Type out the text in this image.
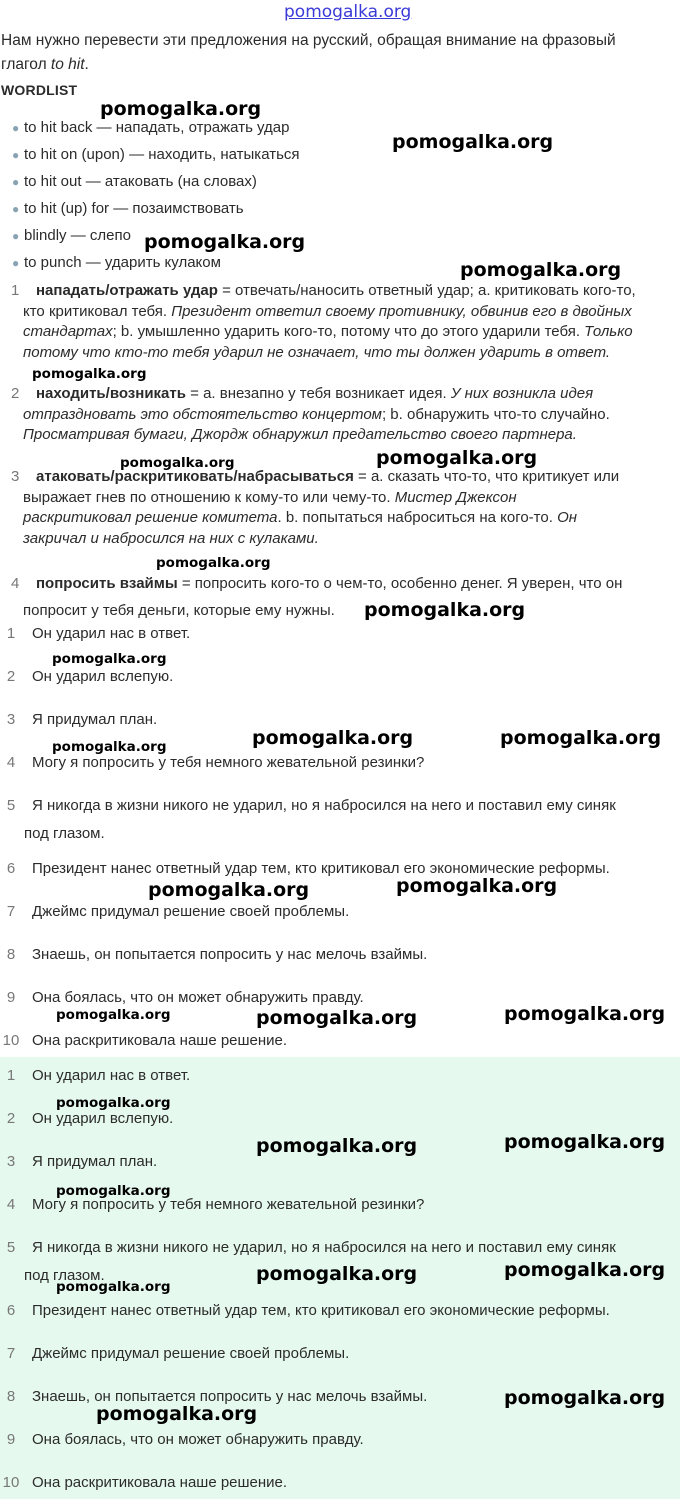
pomogalka.org
Нам нужно перевести эти предложения на русский, обращая внимание на фразовый
глагол to hit.
WORDLIST
● to hit back — нападать, отражать удар
● to hit on (upon) — находить, натыкаться
● to hit out — атаковать (на словах)
● to hit (up) for — позаимствовать
● blindly — слепо
● to punch — ударить кулаком
1 нападать/отражать удар = отвечать/наносить ответный удар; a. критиковать кого-то,
кто критиковал тебя. Президент ответил своему противнику, обвинив его в двойных
стандартах; b. умышленно ударить кого-то, потому что до этого ударили тебя. Только
потому что кто-то тебя ударил не означает, что ты должен ударить в ответ.
2 находить/возникать = a. внезапно у тебя возникает идея. У них возникла идея
отпраздновать это обстоятельство концертом; b. обнаружить что-то случайно.
Просматривая бумаги, Джордж обнаружил предательство своего партнера.
3 атаковать/раскритиковать/набрасываться = a. сказать что-то, что критикует или
выражает гнев по отношению к кому-то или чему-то. Мистер Джексон
раскритиковал решение комитета. b. попытаться наброситься на кого-то. Он
закричал и набросился на них с кулаками.
4 попросить взаймы = попросить кого-то о чем-то, особенно денег. Я уверен, что он
попросит у тебя деньги, которые ему нужны.
1	Он ударил нас в ответ.
2	Он ударил вслепую.
3	Я придумал план.
4	Могу я попросить у тебя немного жевательной резинки?
5	Я никогда в жизни никого не ударил, но я набросился на него и поставил ему синяк
под глазом.
6	Президент нанес ответный удар тем, кто критиковал его экономические реформы.
7	Джеймс придумал решение своей проблемы.
8	Знаешь, он попытается попросить у нас мелочь взаймы.
9	Она боялась, что он может обнаружить правду.
10 Она раскритиковала наше решение.
1	Он ударил нас в ответ.
2	Он ударил вслепую.
3	Я придумал план.
4	Могу я попросить у тебя немного жевательной резинки?
5	Я никогда в жизни никого не ударил, но я набросился на него и поставил ему синяк
под глазом.
6	Президент нанес ответный удар тем, кто критиковал его экономические реформы.
7	Джеймс придумал решение своей проблемы.
8	Знаешь, он попытается попросить у нас мелочь взаймы.
9	Она боялась, что он может обнаружить правду.
10 Она раскритиковала наше решение.
pomogalka.org
pomogalka.org
pomogalka.org
pomogalka.org
pomogalka.org
pomogalka.org	pomogalka.org
pomogalka.org
pomogalka.org
pomogalka.org
pomogalka.org	pomogalka.org	pomogalka.org
pomogalka.org	pomogalka.org
pomogalka.org	pomogalka.org	pomogalka.org
pomogalka.org
pomogalka.org	pomogalka.org
pomogalka.org
pomogalka.org	pomogalka.org
pomogalka.org
pomogalka.org
pomogalka.org
